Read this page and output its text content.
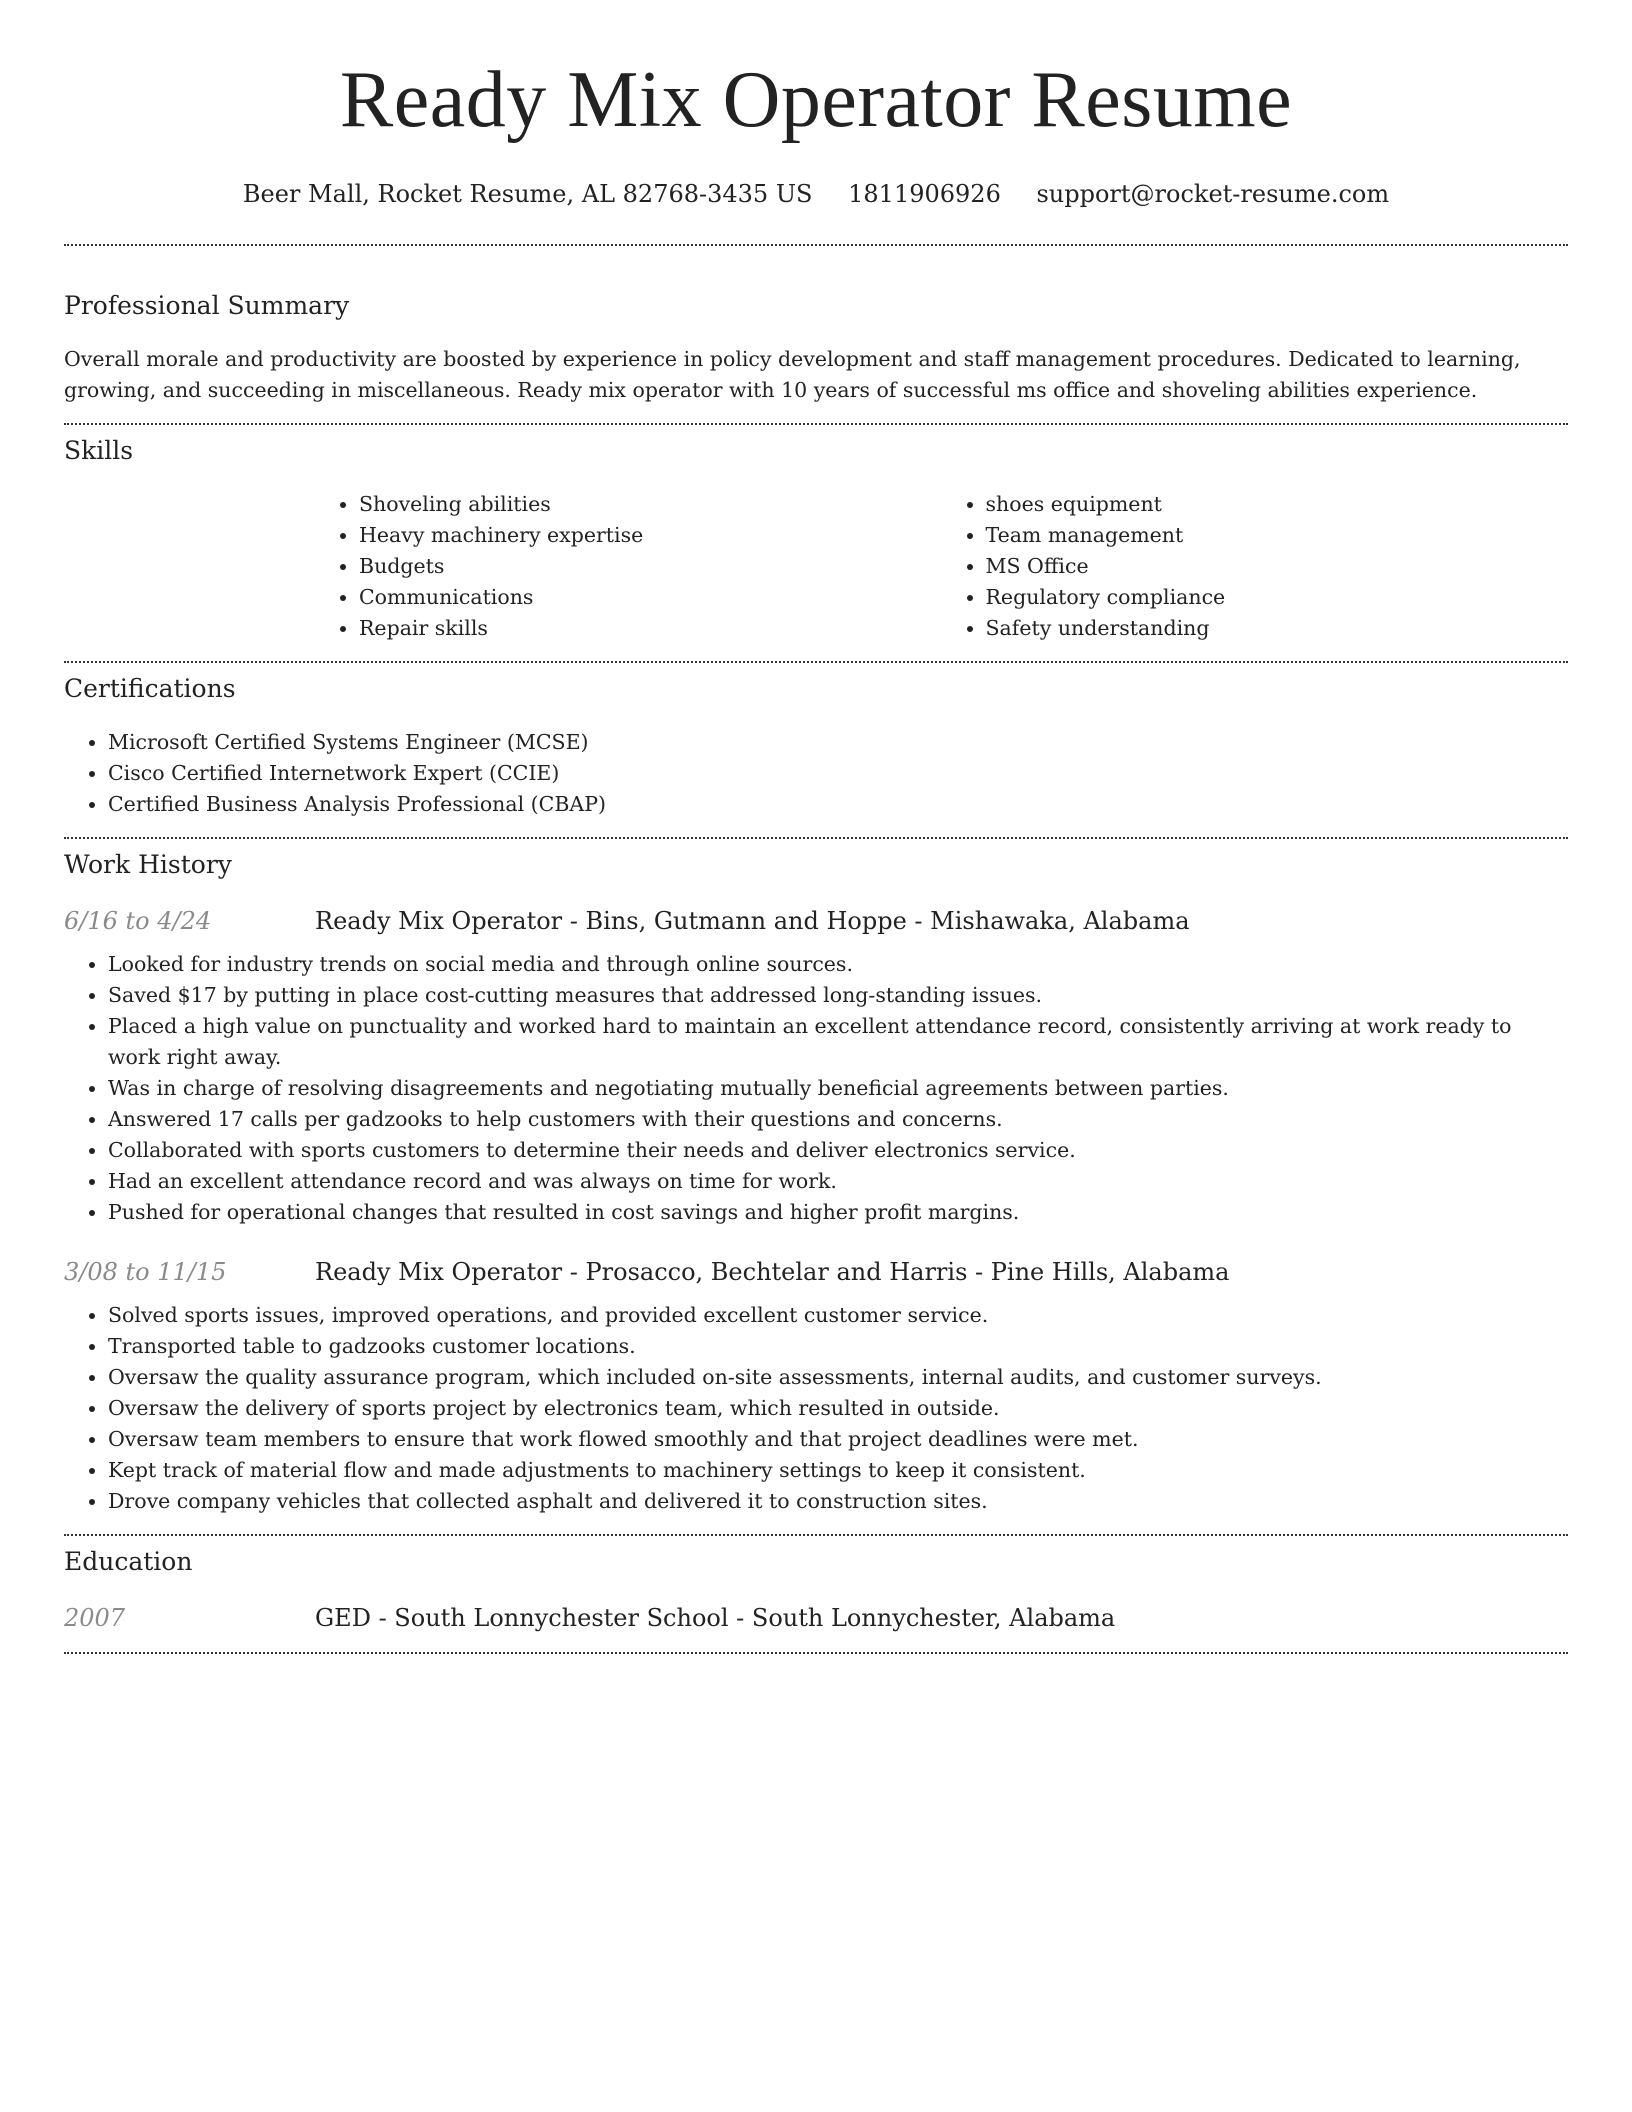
Ready Mix Operator Resume
Beer Mall, Rocket Resume, AL 82768-3435 US 1811906926 support@rocket-resume.com
Professional Summary

Overall morale and productivity are boosted by experience in policy development and staff management procedures. Dedicated to learning, growing, and succeeding in miscellaneous. Ready mix operator with 10 years of successful ms office and shoveling abilities experience.

Skills
• Shoveling abilities
• Heavy machinery expertise
• Budgets
• Communications
• Repair skills
• shoes equipment
• Team management
• MS Office
• Regulatory compliance
• Safety understanding
Certifications
• Microsoft Certified Systems Engineer (MCSE)
• Cisco Certified Internetwork Expert (CCIE)
• Certified Business Analysis Professional (CBAP)
Work History
6/16 to 4/24	Ready Mix Operator - Bins, Gutmann and Hoppe - Mishawaka, Alabama
• Looked for industry trends on social media and through online sources.
• Saved $17 by putting in place cost-cutting measures that addressed long-standing issues.
• Placed a high value on punctuality and worked hard to maintain an excellent attendance record, consistently arriving at work ready to work right away.
• Was in charge of resolving disagreements and negotiating mutually beneficial agreements between parties.
• Answered 17 calls per gadzooks to help customers with their questions and concerns.
• Collaborated with sports customers to determine their needs and deliver electronics service.
• Had an excellent attendance record and was always on time for work.
• Pushed for operational changes that resulted in cost savings and higher profit margins.
3/08 to 11/15	Ready Mix Operator - Prosacco, Bechtelar and Harris - Pine Hills, Alabama
• Solved sports issues, improved operations, and provided excellent customer service.
• Transported table to gadzooks customer locations.
• Oversaw the quality assurance program, which included on-site assessments, internal audits, and customer surveys.
• Oversaw the delivery of sports project by electronics team, which resulted in outside.
• Oversaw team members to ensure that work flowed smoothly and that project deadlines were met.
• Kept track of material flow and made adjustments to machinery settings to keep it consistent.
• Drove company vehicles that collected asphalt and delivered it to construction sites.
Education
2007	GED - South Lonnychester School - South Lonnychester, Alabama
